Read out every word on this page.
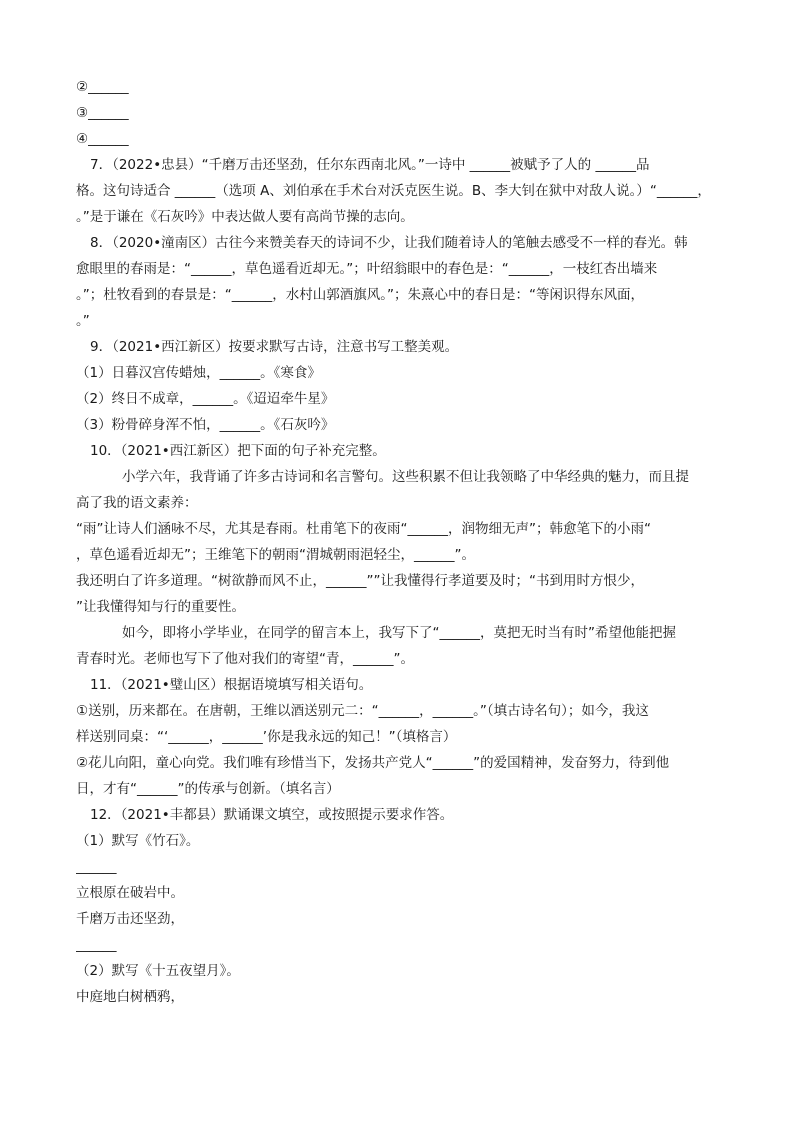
②______
③______
④______
7．（2022•忠县）“千磨万击还坚劲，任尔东西南北风。”一诗中 ______被赋予了人的 ______品
格。这句诗适合 ______（选项 A、刘伯承在手术台对沃克医生说。B、李大钊在狱中对敌人说。）“______，
。”是于谦在《石灰吟》中表达做人要有高尚节操的志向。
8．（2020•潼南区）古往今来赞美春天的诗词不少，让我们随着诗人的笔触去感受不一样的春光。韩
愈眼里的春雨是：“______，草色遥看近却无。”；叶绍翁眼中的春色是：“______，一枝红杏出墙来
。”；杜牧看到的春景是：“______，水村山郭酒旗风。”；朱熹心中的春日是：“等闲识得东风面，
。”
9．（2021•西江新区）按要求默写古诗，注意书写工整美观。
（1）日暮汉宫传蜡烛，______。《寒食》
（2）终日不成章，______。《迢迢牵牛星》
（3）粉骨碎身浑不怕，______。《石灰吟》
10．（2021•西江新区）把下面的句子补充完整。
小学六年，我背诵了许多古诗词和名言警句。这些积累不但让我领略了中华经典的魅力，而且提
高了我的语文素养：
“雨”让诗人们涵咏不尽，尤其是春雨。杜甫笔下的夜雨“______，润物细无声”；韩愈笔下的小雨“
，草色遥看近却无”；王维笔下的朝雨“渭城朝雨浥轻尘，______”。
我还明白了许多道理。“树欲静而风不止，______””让我懂得行孝道要及时；“书到用时方恨少，
”让我懂得知与行的重要性。
如今，即将小学毕业，在同学的留言本上，我写下了“______，莫把无时当有时”希望他能把握
青春时光。老师也写下了他对我们的寄望“青，______”。
11．（2021•璧山区）根据语境填写相关语句。
①送别，历来都在。在唐朝，王维以酒送别元二：“______，______。”（填古诗名句）；如今，我这
样送别同桌：“‘______，______’你是我永远的知己！”（填格言）
②花儿向阳，童心向党。我们唯有珍惜当下，发扬共产党人“______”的爱国精神，发奋努力，待到他
日，才有“______”的传承与创新。（填名言）
12．（2021•丰都县）默诵课文填空，或按照提示要求作答。
（1）默写《竹石》。
______
立根原在破岩中。
千磨万击还坚劲，
______
（2）默写《十五夜望月》。
中庭地白树栖鸦，
